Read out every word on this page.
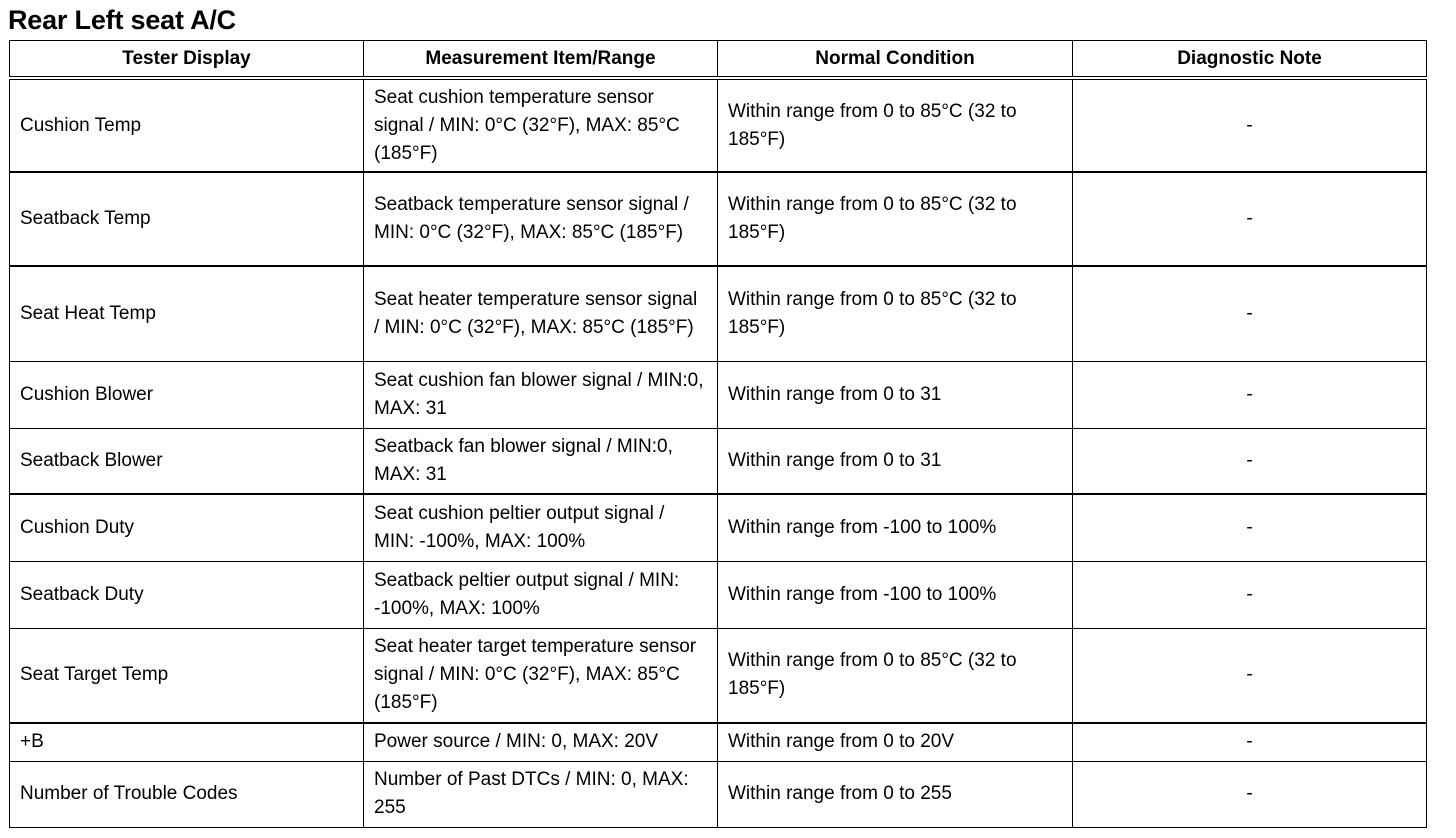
Rear Left seat A/C
Tester Display	Measurement Item/Range	Normal Condition	Diagnostic Note
Cushion Temp	Seat cushion temperature sensor signal / MIN: 0°C (32°F), MAX: 85°C (185°F)	Within range from 0 to 85°C (32 to 185°F)	-
Seatback Temp	Seatback temperature sensor signal / MIN: 0°C (32°F), MAX: 85°C (185°F)	Within range from 0 to 85°C (32 to 185°F)	-
Seat Heat Temp	Seat heater temperature sensor signal / MIN: 0°C (32°F), MAX: 85°C (185°F)	Within range from 0 to 85°C (32 to 185°F)	-
Cushion Blower	Seat cushion fan blower signal / MIN:0, MAX: 31	Within range from 0 to 31	-
Seatback Blower	Seatback fan blower signal / MIN:0, MAX: 31	Within range from 0 to 31	-
Cushion Duty	Seat cushion peltier output signal / MIN: -100%, MAX: 100%	Within range from -100 to 100%	-
Seatback Duty	Seatback peltier output signal / MIN: -100%, MAX: 100%	Within range from -100 to 100%	-
Seat Target Temp	Seat heater target temperature sensor signal / MIN: 0°C (32°F), MAX: 85°C (185°F)	Within range from 0 to 85°C (32 to 185°F)	-
+B	Power source / MIN: 0, MAX: 20V	Within range from 0 to 20V	-
Number of Trouble Codes	Number of Past DTCs / MIN: 0, MAX: 255	Within range from 0 to 255	-
